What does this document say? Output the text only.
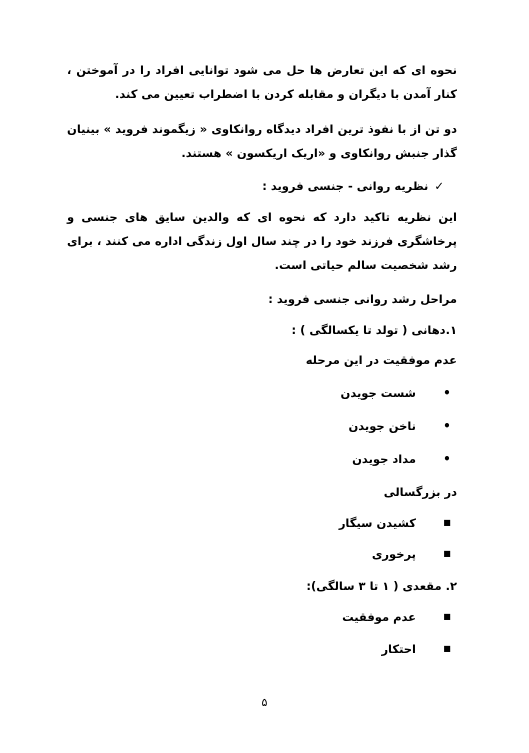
نحوه ای که این تعارض ها حل می شود توانایی افراد را در آموختن ، کنار آمدن با دیگران و مقابله کردن با اضطراب تعیین می کند.
دو تن از با نفوذ ترین افراد دیدگاه روانکاوی « زیگموند فروید » بینیان گذار جنبش روانکاوی و «اریک اریکسون » هستند.
✓نظریه روانی - جنسی فروید :
این نظریه تاکید دارد که نحوه ای که والدین سایق های جنسی و پرخاشگری فرزند خود را در چند سال اول زندگی اداره می کنند ، برای رشد شخصیت سالم حیاتی است.
مراحل رشد روانی جنسی فروید :
۱.دهانی ( تولد تا یکسالگی ) :
عدم موفقیت در این مرحله
•
شست جویدن
•
ناخن جویدن
•
مداد جویدن
در بزرگسالی
■
کشیدن سیگار
■
پرخوری
۲. مقعدی ( ۱ تا ۳ سالگی):
■
عدم موفقیت
■
احتکار
۵
